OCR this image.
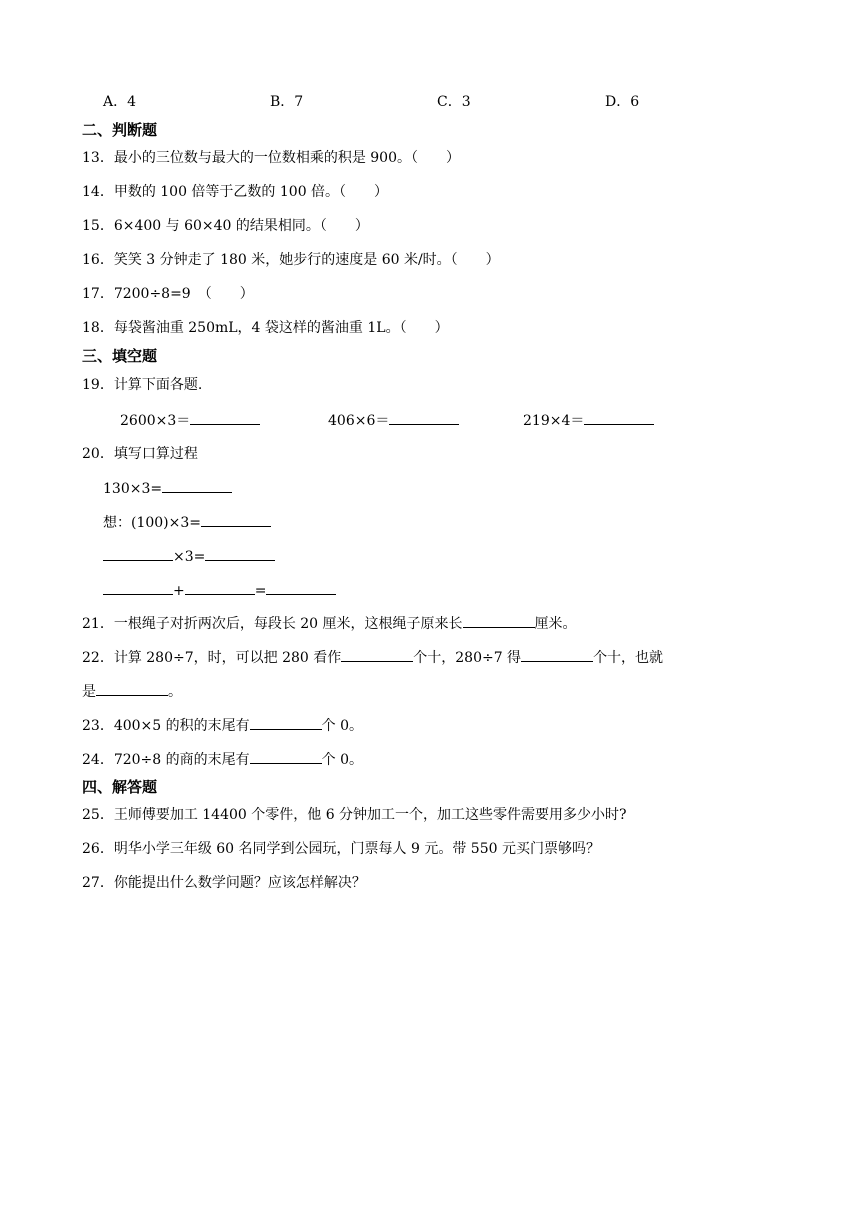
A．4	B．7	C．3	D．6
二、判断题
13．最小的三位数与最大的一位数相乘的积是 900。（　　）
14．甲数的 100 倍等于乙数的 100 倍。（　　）
15．6×400 与 60×40 的结果相同。（　　）
16．笑笑 3 分钟走了 180 米，她步行的速度是 60 米/时。（　　）
17．7200÷8=9　（　　）
18．每袋酱油重 250mL，4 袋这样的酱油重 1L。（　　）
三、填空题
19．计算下面各题.
2600×3＝	406×6＝	219×4＝
20．填写口算过程
130×3=
想：(100)×3=
×3=
+	=
21．一根绳子对折两次后，每段长 20 厘米，这根绳子原来长	厘米。
22．计算 280÷7，时，可以把 280 看作	个十，280÷7 得	个十，也就
是	。
23．400×5 的积的末尾有	个 0。
24．720÷8 的商的末尾有	个 0。
四、解答题
25．王师傅要加工 14400 个零件，他 6 分钟加工一个，加工这些零件需要用多少小时?
26．明华小学三年级 60 名同学到公园玩，门票每人 9 元。带 550 元买门票够吗？
27．你能提出什么数学问题？应该怎样解决？
